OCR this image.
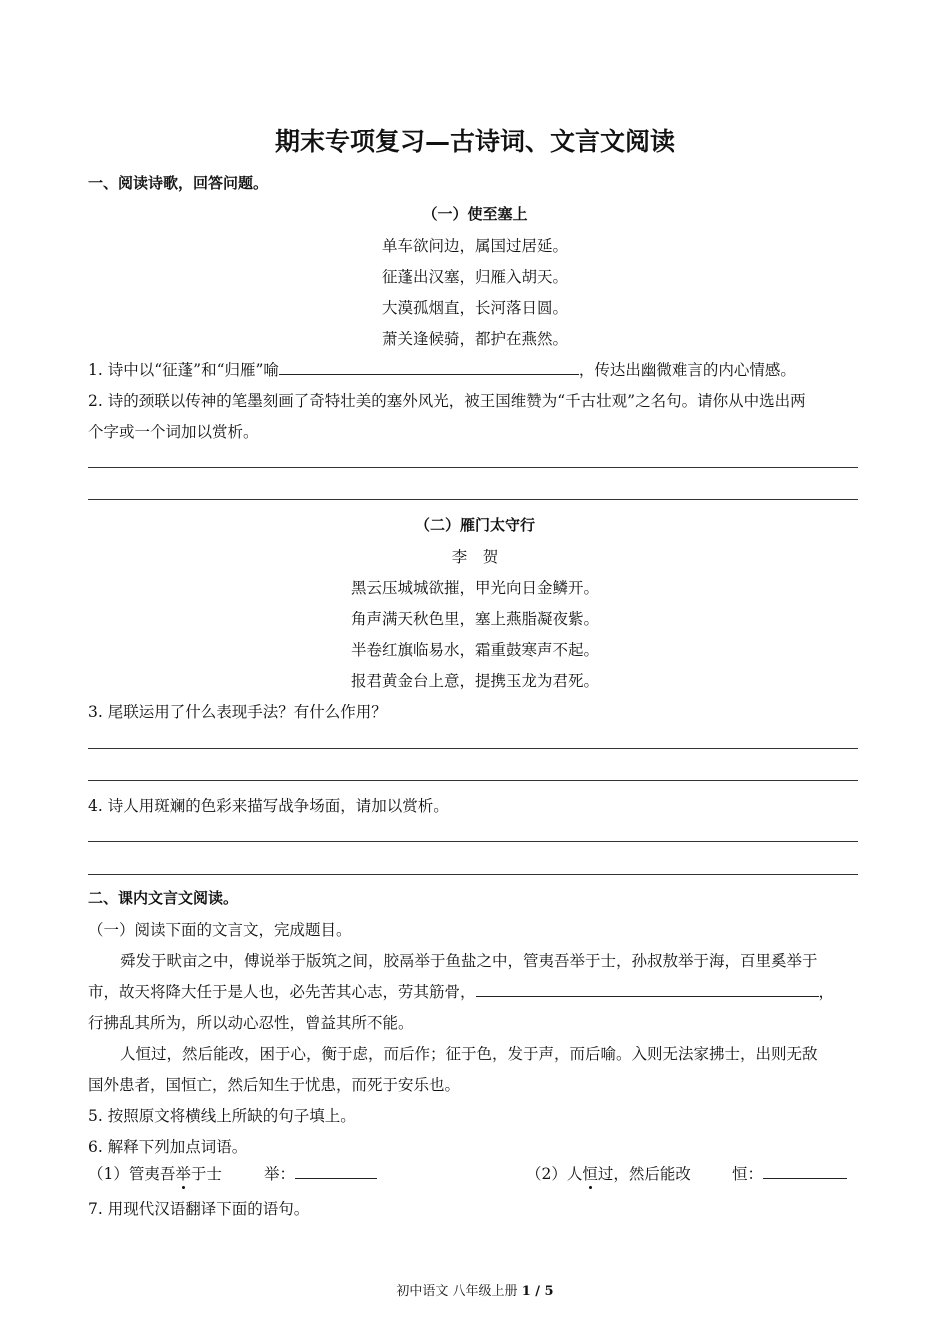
期末专项复习—古诗词、文言文阅读
一、阅读诗歌，回答问题。
（一）使至塞上
单车欲问边，属国过居延。
征蓬出汉塞，归雁入胡天。
大漠孤烟直，长河落日圆。
萧关逢候骑，都护在燕然。
1. 诗中以“征蓬”和“归雁”喻	，传达出幽微难言的内心情感。
2. 诗的颈联以传神的笔墨刻画了奇特壮美的塞外风光，被王国维赞为“千古壮观”之名句。请你从中选出两
个字或一个词加以赏析。
（二）雁门太守行
李　贺
黑云压城城欲摧，甲光向日金鳞开。
角声满天秋色里，塞上燕脂凝夜紫。
半卷红旗临易水，霜重鼓寒声不起。
报君黄金台上意，提携玉龙为君死。
3. 尾联运用了什么表现手法？有什么作用？
4. 诗人用斑斓的色彩来描写战争场面，请加以赏析。
二、课内文言文阅读。
（一）阅读下面的文言文，完成题目。
舜发于畎亩之中，傅说举于版筑之间，胶鬲举于鱼盐之中，管夷吾举于士，孙叔敖举于海，百里奚举于
市，故天将降大任于是人也，必先苦其心志，劳其筋骨，	，
行拂乱其所为，所以动心忍性，曾益其所不能。
人恒过，然后能改，困于心，衡于虑，而后作；征于色，发于声，而后喻。入则无法家拂士，出则无敌
国外患者，国恒亡，然后知生于忧患，而死于安乐也。
5. 按照原文将横线上所缺的句子填上。
6. 解释下列加点词语。
（1）管夷吾举于士	举：	（2）人恒过，然后能改	恒：
7. 用现代汉语翻译下面的语句。
初中语文 八年级上册 1 / 5
